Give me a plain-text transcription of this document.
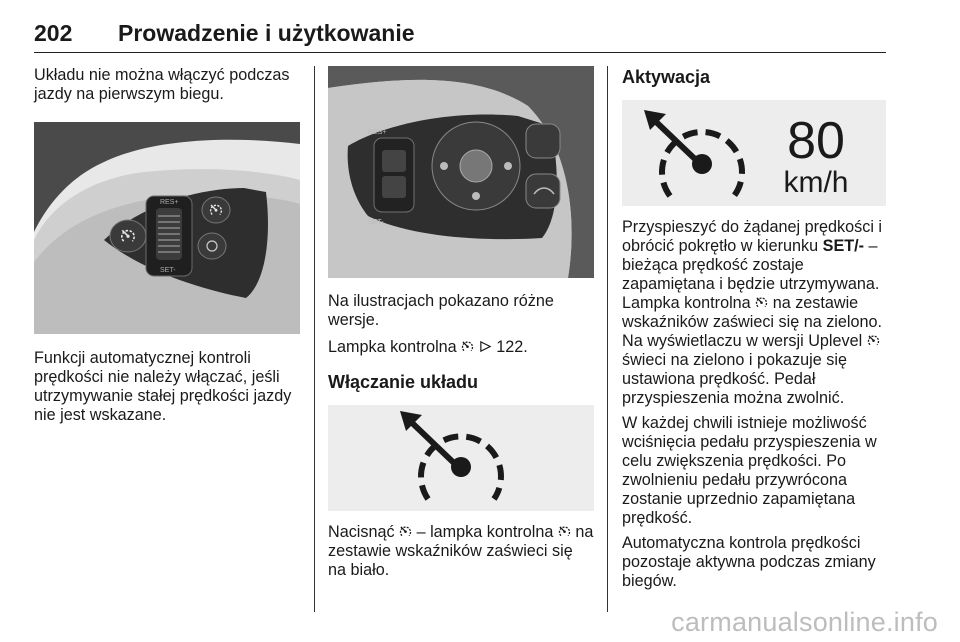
202 Prowadzenie i użytkowanie

Układu nie można włączyć podczas jazdy na pierwszym biegu.

RES+
SET-

Funkcji automatycznej kontroli prędkości nie należy włączać, jeśli utrzymywanie stałej prędkości jazdy nie jest wskazane.

RES+
SET-

Na ilustracjach pokazano różne wersje.

Lampka kontrolna 122.

Włączanie układu

Nacisnąć – lampka kontrolna na zestawie wskaźników zaświeci się na biało.

Aktywacja
80
km/h

Przyspieszyć do żądanej prędkości i obrócić pokrętło w kierunku SET/- – bieżąca prędkość zostaje zapamiętana i będzie utrzymywana. Lampka kontrolna na zestawie wskaźników zaświeci się na zielono. Na wyświetlaczu w wersji Uplevel  świeci na zielono i pokazuje się ustawiona prędkość. Pedał przyspieszenia można zwolnić.

W każdej chwili istnieje możliwość wciśnięcia pedału przyspieszenia w celu zwiększenia prędkości. Po zwolnieniu pedału przywrócona zostanie uprzednio zapamiętana prędkość.

Automatyczna kontrola prędkości pozostaje aktywna podczas zmiany biegów.

carmanualsonline.info
